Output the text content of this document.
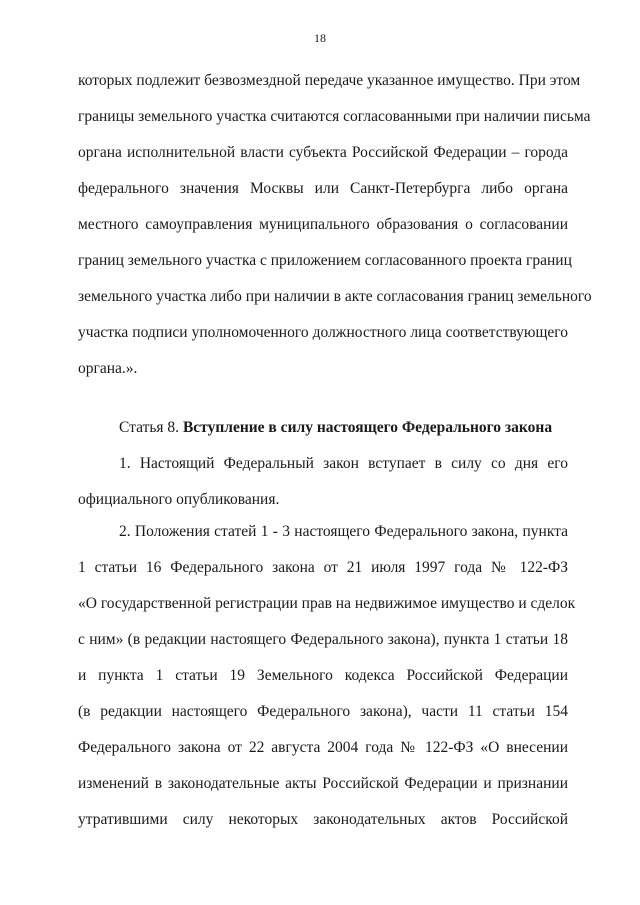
18
которых подлежит безвозмездной передаче указанное имущество. При этом
границы земельного участка считаются согласованными при наличии письма
органа исполнительной власти субъекта Российской Федерации – города
федерального значения Москвы или Санкт-Петербурга либо органа
местного самоуправления муниципального образования о согласовании
границ земельного участка с приложением согласованного проекта границ
земельного участка либо при наличии в акте согласования границ земельного
участка подписи уполномоченного должностного лица соответствующего
органа.».
Статья 8. Вступление в силу настоящего Федерального закона
1. Настоящий Федеральный закон вступает в силу со дня его
официального опубликования.
2. Положения статей 1 - 3 настоящего Федерального закона, пункта
1 статьи 16 Федерального закона от 21 июля 1997 года № 122-ФЗ
«О государственной регистрации прав на недвижимое имущество и сделок
с ним» (в редакции настоящего Федерального закона), пункта 1 статьи 18
и пункта 1 статьи 19 Земельного кодекса Российской Федерации
(в редакции настоящего Федерального закона), части 11 статьи 154
Федерального закона от 22 августа 2004 года № 122-ФЗ «О внесении
изменений в законодательные акты Российской Федерации и признании
утратившими силу некоторых законодательных актов Российской
